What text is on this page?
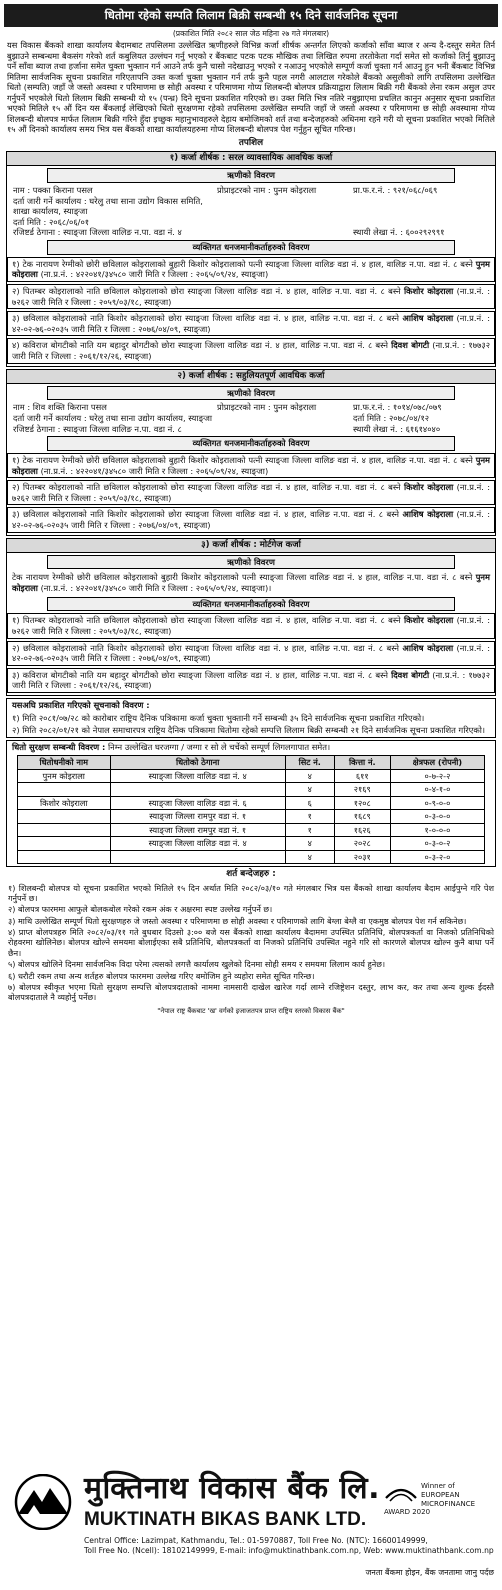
धितोमा रहेको सम्पति लिलाम बिक्री सम्बन्धी १५ दिने सार्वजनिक सूचना
(प्रकाशित मिति २०८२ साल जेठ महिना २७ गते मंगलबार)
यस विकास बैंकको शाखा कार्यालय बैदामबाट तपसिलमा उल्लेखित ऋणीहरुले विभिन्न कर्जा शीर्षक अन्तर्गत लिएको कर्जाको साँवा ब्याज र अन्य दै-दस्तुर समेत तिर्न बुझाउने सम्बन्धमा बैकसंग गरेको शर्त कबुलियत उल्लंघन गर्नु भएको र बैंकबाट पटक पटक मौखिक तथा लिखित रुपमा तरतोकेता गर्दा समेत सो कर्जाको तिर्नु बुझाउनु पर्ने साँवा ब्याज तथा हर्जाना समेत चुक्ता भुक्तान गर्न आउने तर्फ कुनै चासो नदेखाउनु भएको र नआउनु भएकोले सम्पूर्ण कर्जा चुक्ता गर्न आउनु हुन भनी बैंकबाट विभिन्न मितिमा सार्वजनिक सूचना प्रकाशित गरिएतापनि उक्त कर्जा चुक्ता भुक्तान गर्न तर्फ कुनै पहल नगरी आलटाल गरेकोले बैंकको असुलीको लागि तपसिलमा उल्लेखित धितो (सम्पति) जहाँ जे जस्तो अवस्था र परिमाणमा छ सोही अवस्था र परिमाणमा गोप्य शिलबन्दी बोलपत्र प्रक्रियाद्वारा लिलाम बिक्री गरी बैंकको लेना रकम असुल उपर गर्नुपर्ने भएकोले धितो लिलाम बिक्री सम्बन्धी यो १५ (पन्ध्र) दिने सूचना प्रकाशित गरिएको छ। उक्त मिति भित्र नतिरे नबुझाएमा प्रचलित कानुन अनुसार सूचना प्रकाशित भएको मितिले १५ औं दिन यस बैंकलाई लेखिएको धितो सुरक्षणमा रहेको तपसिलमा उल्लेखित सम्पति जहाँ जे जस्तो अवस्था र परिमाणमा छ सोही अवस्थामा गोप्य शिलबन्दी बोलपत्र मार्फत लिलाम बिक्री गरिने हुँदा इच्छुक महानुभावहरुले देहाय बमोजिमको शर्त तथा बन्देजहरुको अधिनमा रहने गरी यो सूचना प्रकाशित भएको मितिले १५ औं दिनको कार्यालय समय भित्र यस बैंकको शाखा कार्यालयहरुमा गोप्य शिलबन्दी बोलपत्र पेश गर्नुहुन सूचित गरिन्छ।
तपशिल
१) कर्जा शीर्षक : सरल व्यावसायिक आवधिक कर्जा
ऋणीको विवरण
नाम : पक्का किराना पसल	प्रोप्राइटरको नाम : पुनम कोइराला	प्रा.फ.र.नं. : ९२१/०६८/०६९
दर्ता जारी गर्ने कार्यालय : घरेलु तथा साना उद्योग विकास समिति, शाखा कार्यालय, स्याङ्जा
दर्ता मिति : २०६८/०६/०१
रजिष्टर्ड ठेगाना : स्याङ्जा जिल्ला वालिङ न.पा. वडा नं. ४	स्थायी लेखा नं. : ६००२९२९९१
व्यक्तिगत धनजमानीकर्ताहरुको विवरण
१) टेक नारायण रेग्मीको छोरी छविलाल कोइरालाको बुहारी किशोर कोइरालाको पत्नी स्याङ्जा जिल्ला वालिङ वडा नं. ४ हाल, वालिङ न.पा. वडा नं. ८ बस्ने पुनम कोइराला (ना.प्र.नं. : ४२२०४१/३४५८० जारी मिति र जिल्ला : २०६५/०९/२४, स्याङ्जा)
२) पितम्बर कोइरालाको नाति छविलाल कोइरालाको छोरा स्याङ्जा जिल्ला वालिङ वडा नं. ४ हाल, वालिङ न.पा. वडा नं. ८ बस्ने किशोर कोइराला (ना.प्र.नं. : ७२६२ जारी मिति र जिल्ला : २०५९/०३/१८, स्याङ्जा)
३) छविलाल कोइरालाको नाति किशोर कोइरालाको छोरा स्याङ्जा जिल्ला वालिङ वडा नं. ४ हाल, वालिङ न.पा. वडा नं. ८ बस्ने आशिष कोइराला (ना.प्र.नं. : ४२-०२-७६-०२०३५ जारी मिति र जिल्ला : २०७६/०४/०९, स्याङ्जा)
४) कविराज बोगटीको नाति यम बहादुर बोगटीको छोरा स्याङ्जा जिल्ला वालिङ वडा नं. ४ हाल, वालिङ न.पा. वडा नं. ८ बस्ने दिवश बोगटी (ना.प्र.नं. : १७७३२ जारी मिति र जिल्ला : २०६१/१२/२६, स्याङ्जा)
२) कर्जा शीर्षक : सहुलियतपूर्ण आवधिक कर्जा
ऋणीको विवरण
नाम : शिव शक्ति किराना पसल	प्रोप्राइटरको नाम : पुनम कोइराला	प्रा.फ.र.नं. : १०१४/०७८/०७९
दर्ता जारी गर्ने कार्यालय : घरेलु तथा साना उद्योग कार्यालय, स्याङ्जा	दर्ता मिति : २०७८/०४/१२
रजिष्टर्ड ठेगाना : स्याङ्जा जिल्ला वालिङ न.पा. वडा नं. ८	स्थायी लेखा नं. : ६१६१४०४०
व्यक्तिगत धनजमानीकर्ताहरुको विवरण
१) टेक नारायण रेग्मीको छोरी छविलाल कोइरालाको बुहारी किशोर कोइरालाको पत्नी स्याङ्जा जिल्ला वालिङ वडा नं. ४ हाल, वालिङ न.पा. वडा नं. ८ बस्ने पुनम कोइराला (ना.प्र.नं. : ४२२०४१/३४५८० जारी मिति र जिल्ला : २०६५/०९/२४, स्याङ्जा)
२) पितम्बर कोइरालाको नाति छविलाल कोइरालाको छोरा स्याङ्जा जिल्ला वालिङ वडा नं. ४ हाल, वालिङ न.पा. वडा नं. ८ बस्ने किशोर कोइराला (ना.प्र.नं. : ७२६२ जारी मिति र जिल्ला : २०५९/०३/१८, स्याङ्जा)
३) छविलाल कोइरालाको नाति किशोर कोइरालाको छोरा स्याङ्जा जिल्ला वालिङ वडा नं. ४ हाल, वालिङ न.पा. वडा नं. ८ बस्ने आशिष कोइराला (ना.प्र.नं. : ४२-०२-७६-०२०३५ जारी मिति र जिल्ला : २०७६/०४/०९, स्याङ्जा)
३) कर्जा शीर्षक : मोर्टगेज कर्जा
ऋणीको विवरण
टेक नारायण रेग्मीको छोरी छविलाल कोइरालाको बुहारी किशोर कोइरालाको पत्नी स्याङ्जा जिल्ला वालिङ वडा नं. ४ हाल, वालिङ न.पा. वडा नं. ८ बस्ने पुनम कोइराला (ना.प्र.नं. : ४२२०४१/३४५८० जारी मिति र जिल्ला : २०६५/०९/२४, स्याङ्जा)।
व्यक्तिगत धनजमानीकर्ताहरुको विवरण
१) पितम्बर कोइरालाको नाति छविलाल कोइरालाको छोरा स्याङ्जा जिल्ला वालिङ वडा नं. ४ हाल, वालिङ न.पा. वडा नं. ८ बस्ने किशोर कोइराला (ना.प्र.नं. : ७२६२ जारी मिति र जिल्ला : २०५९/०३/१८, स्याङ्जा)
२) छविलाल कोइरालाको नाति किशोर कोइरालाको छोरा स्याङ्जा जिल्ला वालिङ वडा नं. ४ हाल, वालिङ न.पा. वडा नं. ८ बस्ने आशिष कोइराला (ना.प्र.नं. : ४२-०२-७६-०२०३५ जारी मिति र जिल्ला : २०७६/०४/०९, स्याङ्जा)
३) कविराज बोगटीको नाति यम बहादुर बोगटीको छोरा स्याङ्जा जिल्ला वालिङ वडा नं. ४ हाल, वालिङ न.पा. वडा नं. ८ बस्ने दिवश बोगटी (ना.प्र.नं. : १७७३२ जारी मिति र जिल्ला : २०६१/१२/२६, स्याङ्जा)
यसअघि प्रकाशित गरिएको सूचनाको विवरण :
१) मिति २०८१/०७/२८ को कारोबार राष्ट्रिय दैनिक पत्रिकामा कर्जा चुक्ता भुक्तानी गर्ने सम्बन्धी ३५ दिने सार्वजनिक सूचना प्रकाशित गरिएको।
२) मिति २०८२/०१/२१ को नेपाल समाचारपत्र राष्ट्रिय दैनिक पत्रिकामा धितोमा रहेको सम्पत्ति लिलाम बिक्री सम्बन्धी २१ दिने सार्वजनिक सूचना प्रकाशित गरिएको।
धितो सुरक्षण सम्बन्धी विवरण : निम्न उल्लेखित घरजग्गा / जग्गा र सो ले चर्चेको सम्पूर्ण लिगलगापात समेत।
धितोधनीको नाम	धितोको ठेगाना	सिट नं.	कित्ता नं.	क्षेत्रफल (रोपनी)
पुनम कोइराला	स्याङ्जा जिल्ला वालिङ वडा नं. ४	४	६११	०-७-२-२
		४	२१६९	०-४-१-०
किशोर कोइराला	स्याङ्जा जिल्ला वालिङ वडा नं. ६	६	१२०८	०-९-०-०
	स्याङ्जा जिल्ला रामपुर वडा नं. १	१	१६८९	०-३-०-०
	स्याङ्जा जिल्ला रामपुर वडा नं. १	१	१६२६	१-०-०-०
	स्याङ्जा जिल्ला वालिङ वडा नं. ४	४	२०२८	०-३-०-२
		४	२०३१	०-३-२-०
शर्त बन्देजहरु :
१) शिलबन्दी बोलपत्र यो सूचना प्रकाशित भएको मितिले १५ दिन अर्थात मिति २०८२/०३/१० गते मंगलबार भित्र यस बैंकको शाखा कार्यालय बैदाम आईपुग्ने गरि पेश गर्नुपर्ने छ।
२) बोलपत्र फारममा आफुले बोलकबोल गरेको रकम अंक र अक्षरमा स्पष्ट उल्लेख गर्नुपर्ने छ।
३) माथि उल्लेखित सम्पूर्ण धितो सुरक्षणहरु जे जस्तो अवस्था र परिमाणमा छ सोही अवस्था र परिमाणको लागि बेग्ला बेग्लै वा एकमुष्ठ बोलपत्र पेश गर्न सकिनेछ।
४) प्राप्त बोलपत्रहरु मिति २०८२/०३/११ गते बुधबार दिउसो ३:०० बजे यस बैंकको शाखा कार्यालय बैदाममा उपस्थित प्रतिनिधि, बोलपत्रकर्ता वा निजको प्रतिनिधिको रोहवरमा खोलिनेछ। बोलपत्र खोल्ने समयमा बोलाईएका सबै प्रतिनिधि, बोलपत्रकर्ता वा निजको प्रतिनिधि उपस्थित नहुने गरि सो कारणले बोलपत्र खोल्न कुनै बाधा पर्ने छैन।
५) बोलपत्र खोलिने दिनमा सार्वजनिक विदा परेमा त्यसको लगत्तै कार्यालय खुलेको दिनमा सोही समय र समयमा लिलाम कार्य हुनेछ।
६) धरौटी रकम तथा अन्य शर्तहरु बोलपत्र फारममा उल्लेख गरिए बमोजिम हुने व्यहोरा समेत सूचित गरिन्छ।
७) बोलपत्र स्वीकृत भएमा धितो सुरक्षण सम्पत्ति बोलपत्रदाताको नाममा नामसारी दाखेल खारेज गर्दा लाग्ने रजिष्ट्रेशन दस्तुर, लाभ कर, कर तथा अन्य शुल्क ईदस्तै बोलपत्रदाताले नै व्यहोर्नु पर्नेछ।
"नेपाल राष्ट्र बैंकबाट 'ख' वर्गको इजाजतपत्र प्राप्त राष्ट्रिय स्तरको विकास बैंक"
मुक्तिनाथ विकास बैंक लि.
MUKTINATH BIKAS BANK LTD.
Winner of
EUROPEAN
MICROFINANCE
AWARD 2020
Central Office: Lazimpat, Kathmandu, Tel.: 01-5970887, Toll Free No. (NTC): 16600149999,
Toll Free No. (Ncell): 18102149999, E-mail: info@muktinathbank.com.np, Web: www.muktinathbank.com.np
जनता बैंकमा होइन, बैंक जनतामा जानु पर्दछ
